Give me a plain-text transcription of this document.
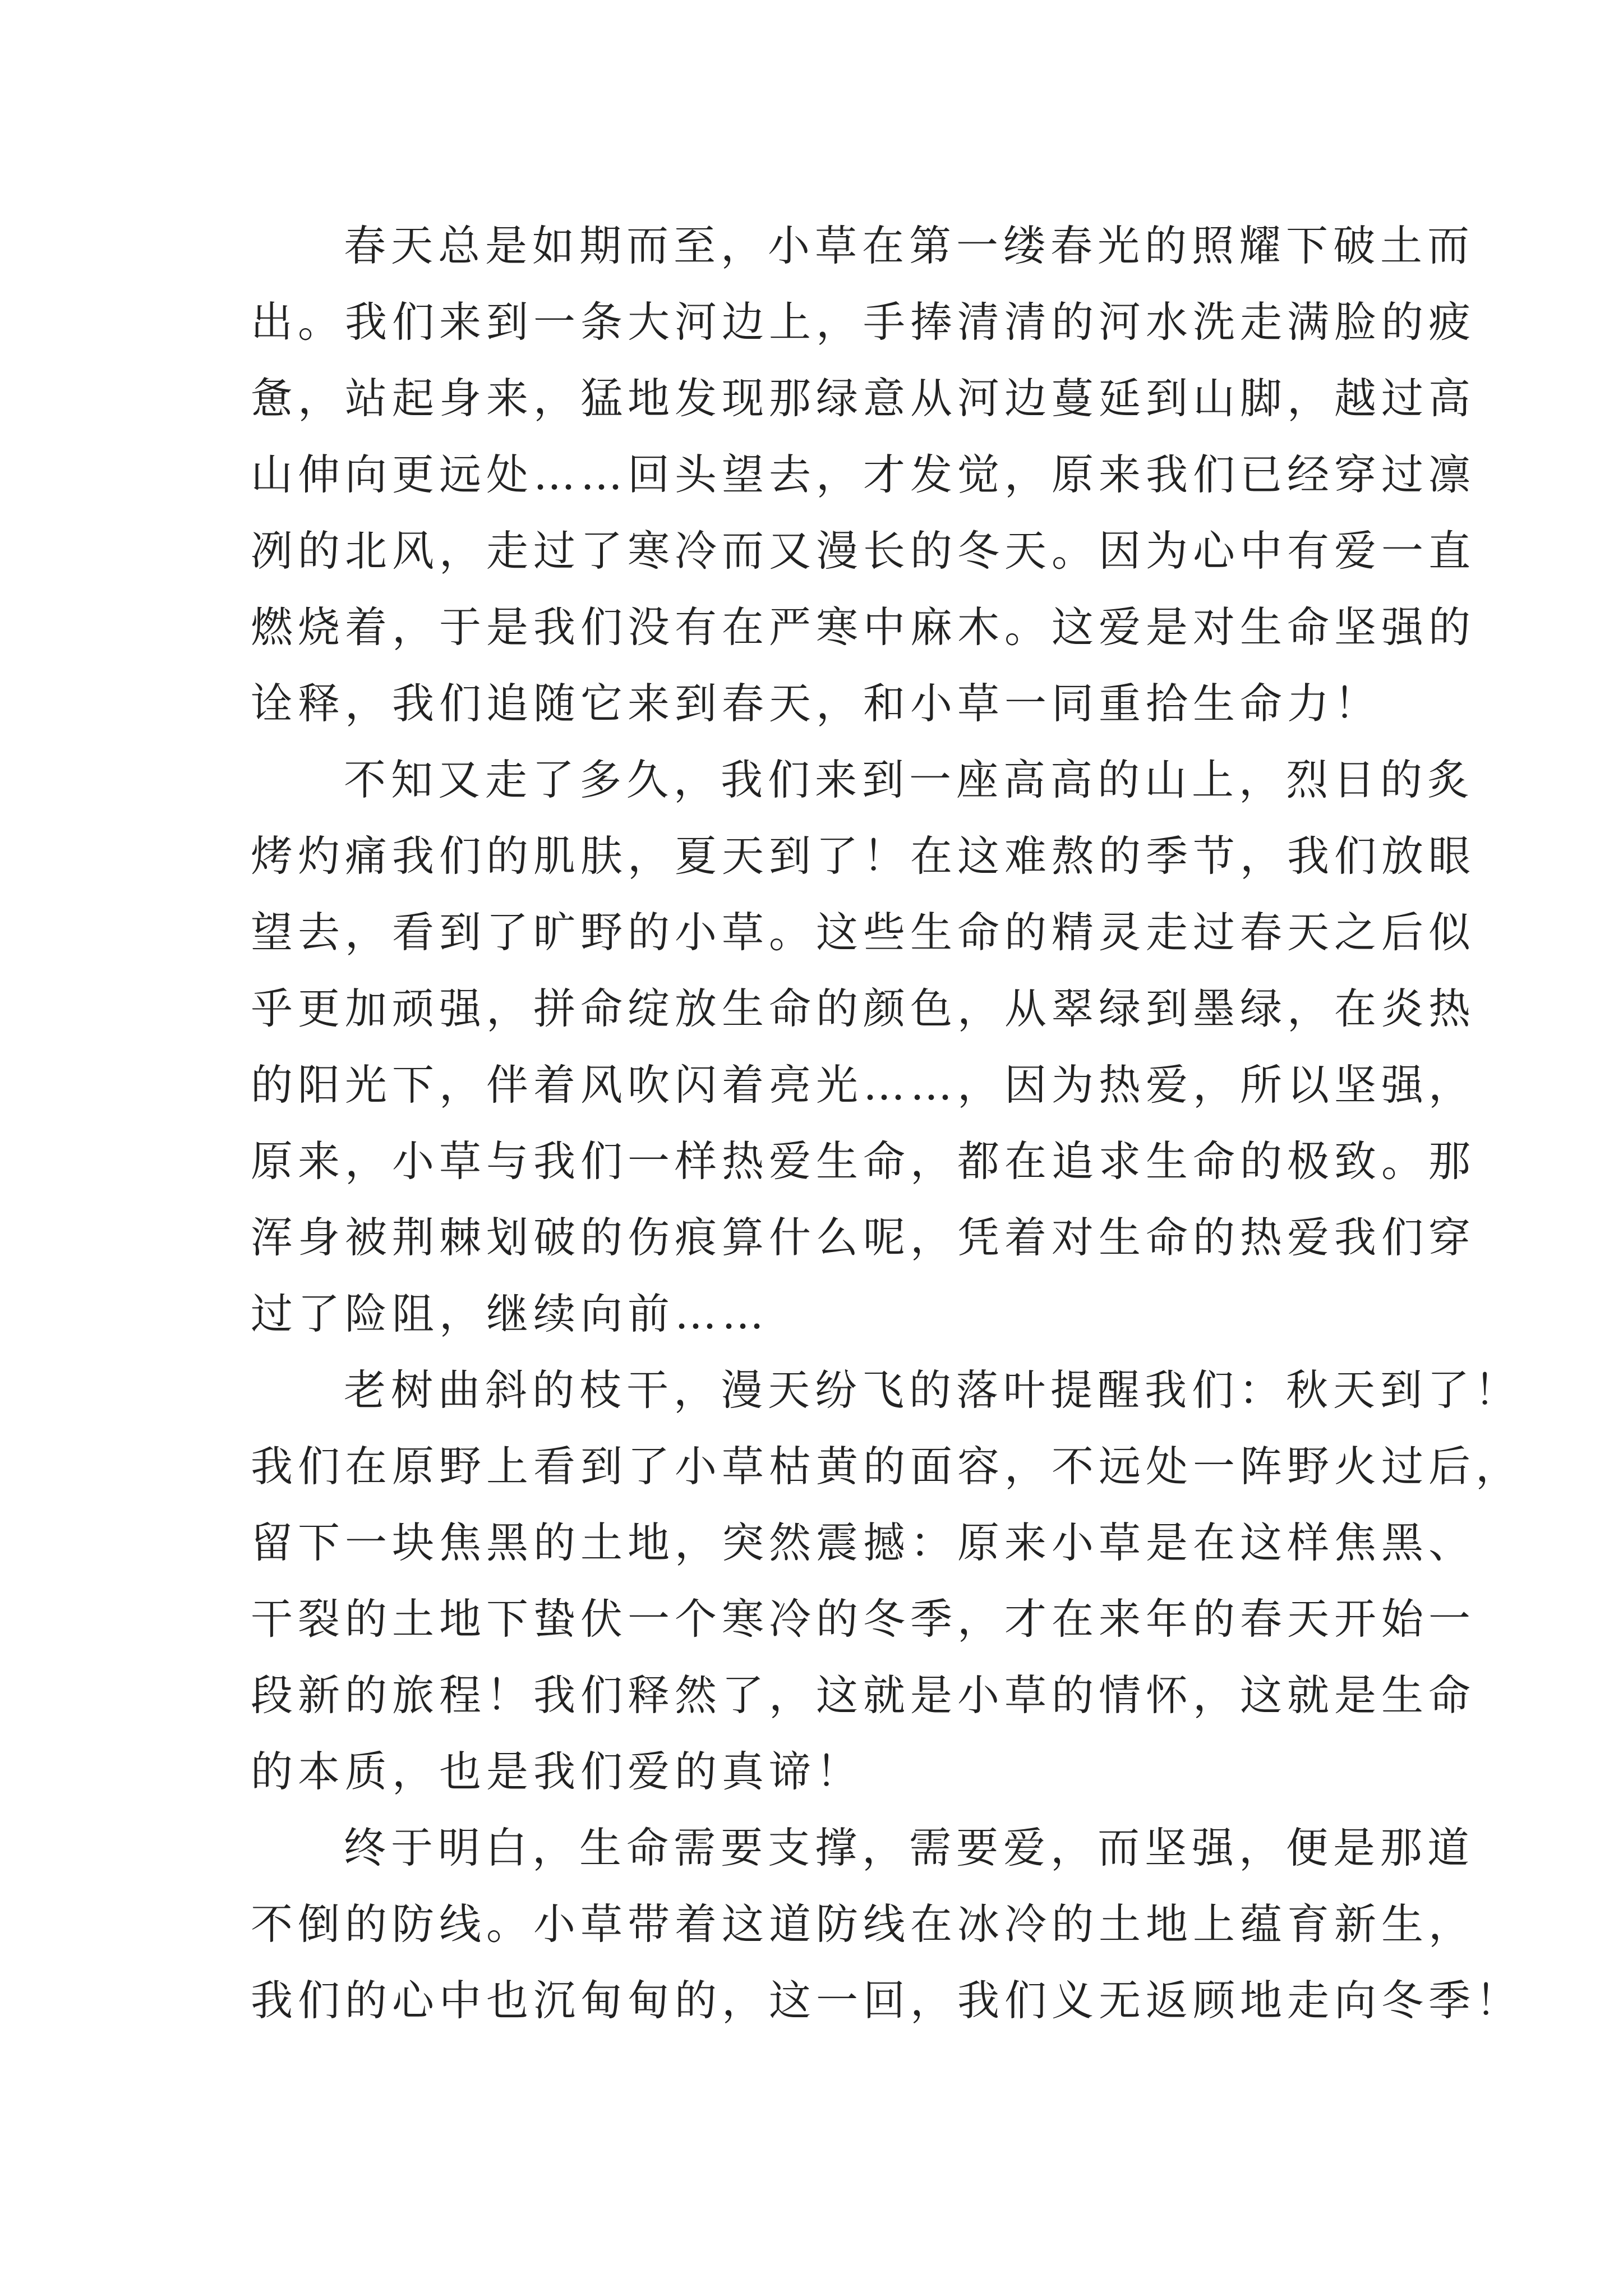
春天总是如期而至，小草在第一缕春光的照耀下破土而
出。我们来到一条大河边上，手捧清清的河水洗走满脸的疲
惫，站起身来，猛地发现那绿意从河边蔓延到山脚，越过高
山伸向更远处……回头望去，才发觉，原来我们已经穿过凛
冽的北风，走过了寒冷而又漫长的冬天。因为心中有爱一直
燃烧着，于是我们没有在严寒中麻木。这爱是对生命坚强的
诠释，我们追随它来到春天，和小草一同重拾生命力！
不知又走了多久，我们来到一座高高的山上，烈日的炙
烤灼痛我们的肌肤，夏天到了！在这难熬的季节，我们放眼
望去，看到了旷野的小草。这些生命的精灵走过春天之后似
乎更加顽强，拼命绽放生命的颜色，从翠绿到墨绿，在炎热
的阳光下，伴着风吹闪着亮光……，因为热爱，所以坚强，
原来，小草与我们一样热爱生命，都在追求生命的极致。那
浑身被荆棘划破的伤痕算什么呢，凭着对生命的热爱我们穿
过了险阻，继续向前……
老树曲斜的枝干，漫天纷飞的落叶提醒我们：秋天到了！
我们在原野上看到了小草枯黄的面容，不远处一阵野火过后，
留下一块焦黑的土地，突然震撼：原来小草是在这样焦黑、
干裂的土地下蛰伏一个寒冷的冬季，才在来年的春天开始一
段新的旅程！我们释然了，这就是小草的情怀，这就是生命
的本质，也是我们爱的真谛！
终于明白，生命需要支撑，需要爱，而坚强，便是那道
不倒的防线。小草带着这道防线在冰冷的土地上蕴育新生，
我们的心中也沉甸甸的，这一回，我们义无返顾地走向冬季！
